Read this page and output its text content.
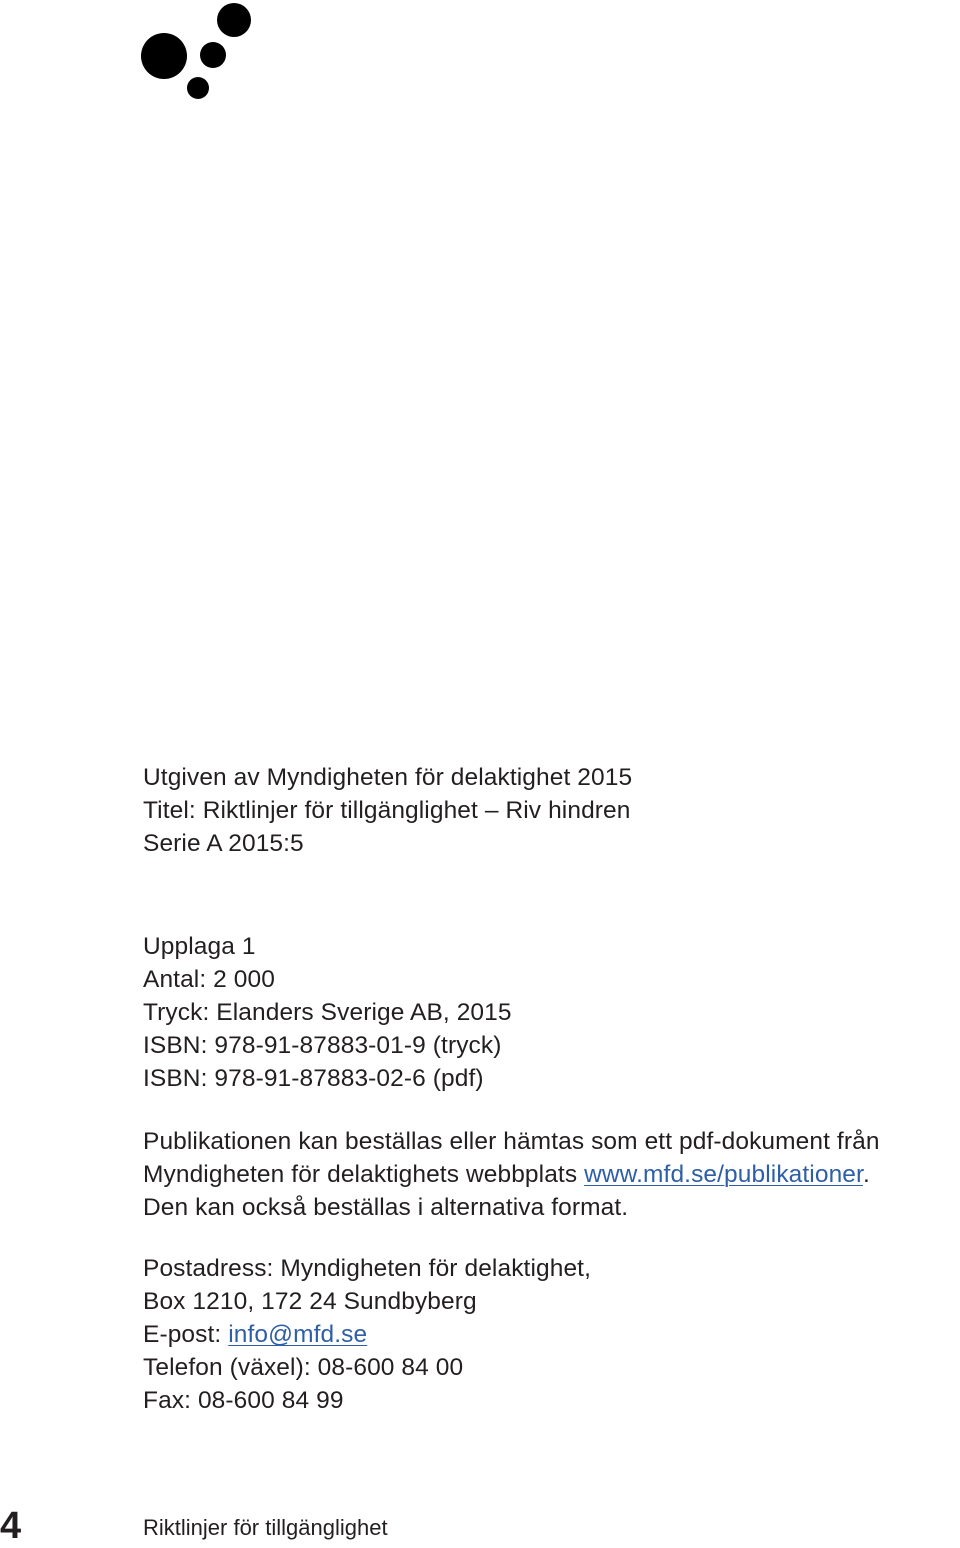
Utgiven av Myndigheten för delaktighet 2015
Titel: Riktlinjer för tillgänglighet – Riv hindren
Serie A 2015:5
Upplaga 1
Antal: 2 000
Tryck: Elanders Sverige AB, 2015
ISBN: 978-91-87883-01-9 (tryck)
ISBN: 978-91-87883-02-6 (pdf)
Publikationen kan beställas eller hämtas som ett pdf-dokument från
Myndigheten för delaktighets webbplats www.mfd.se/publikationer.
Den kan också beställas i alternativa format.
Postadress: Myndigheten för delaktighet,
Box 1210, 172 24 Sundbyberg
E-post: info@mfd.se
Telefon (växel): 08-600 84 00
Fax: 08-600 84 99
4	Riktlinjer för tillgänglighet
